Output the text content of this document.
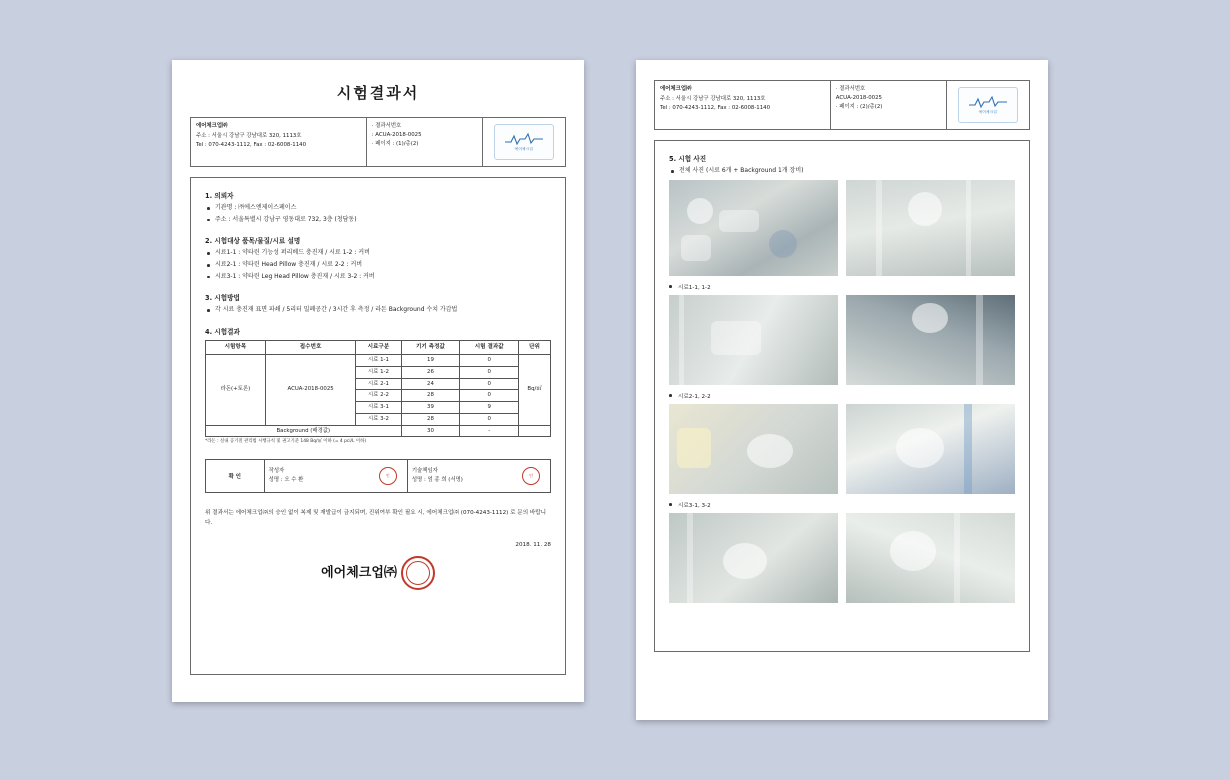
시험결과서
에어체크업㈜
주소 : 서울시 강남구 강남대로 320, 1113호
Tel : 070-4243-1112, Fax : 02-6008-1140
· 결과서번호
: ACUA-2018-0025
· 페이지 : (1)/총(2)
에어체크업
1. 의뢰자
기관명 : ㈜에스엔제이스페이스
주소 : 서울특별시 강남구 영동대로 732, 3층 (청담동)
2. 시험대상 품목/물질/시료 설명
시료1-1 : 약타린 기능성 퍼리베드 충진재 / 시료 1-2 : 커버
시료2-1 : 약타린 Head Pillow 충진재 / 시료 2-2 : 커버
시료3-1 : 약타린 Leg Head Pillow 충진재 / 시료 3-2 : 커버
3. 시험방법
각 시료 충진재 표면 파쇄 / 5리터 밀폐공간 / 3시간 후 측정 / 라돈 Background 수치 가감법
4. 시험결과
시험항목	접수번호	시료구분	기기 측정값	시험 결과값	단위
라돈(+토론)	ACUA-2018-0025	시료 1-1	19	0	Bq/㎥
		시료 1-2	26	0	
		시료 2-1	24	0	
		시료 2-2	28	0	
		시료 3-1	39	9	
		시료 3-2	28	0	
Background (배경값)			30	-	
*라돈 : 실내 공기질 관리법 시행규칙 및 권고기준 148 Bq/㎥ 이하 (= 4 pci/L 이하)
확 인	
작성자
성명 : 오 수 환
인

기술책임자
성명 : 엄 종 희 (서명)
인
위 결과서는 에어체크업㈜의 승인 없이 복제 및 재발급이 금지되며, 진위여부 확인 필요 시, 에어체크업㈜ (070-4243-1112) 로 문의 바랍니다.
2018. 11. 28
에어체크업㈜
에어체크업㈜
주소 : 서울시 강남구 강남대로 320, 1113호
Tel : 070-4243-1112, Fax : 02-6008-1140
· 결과서번호
ACUA-2018-0025
· 페이지 : (2)/총(2)
에어체크업
5. 시험 사진
전체 사진 (시료 6개 + Background 1개 장비)
시료1-1, 1-2
시료2-1, 2-2
시료3-1, 3-2
